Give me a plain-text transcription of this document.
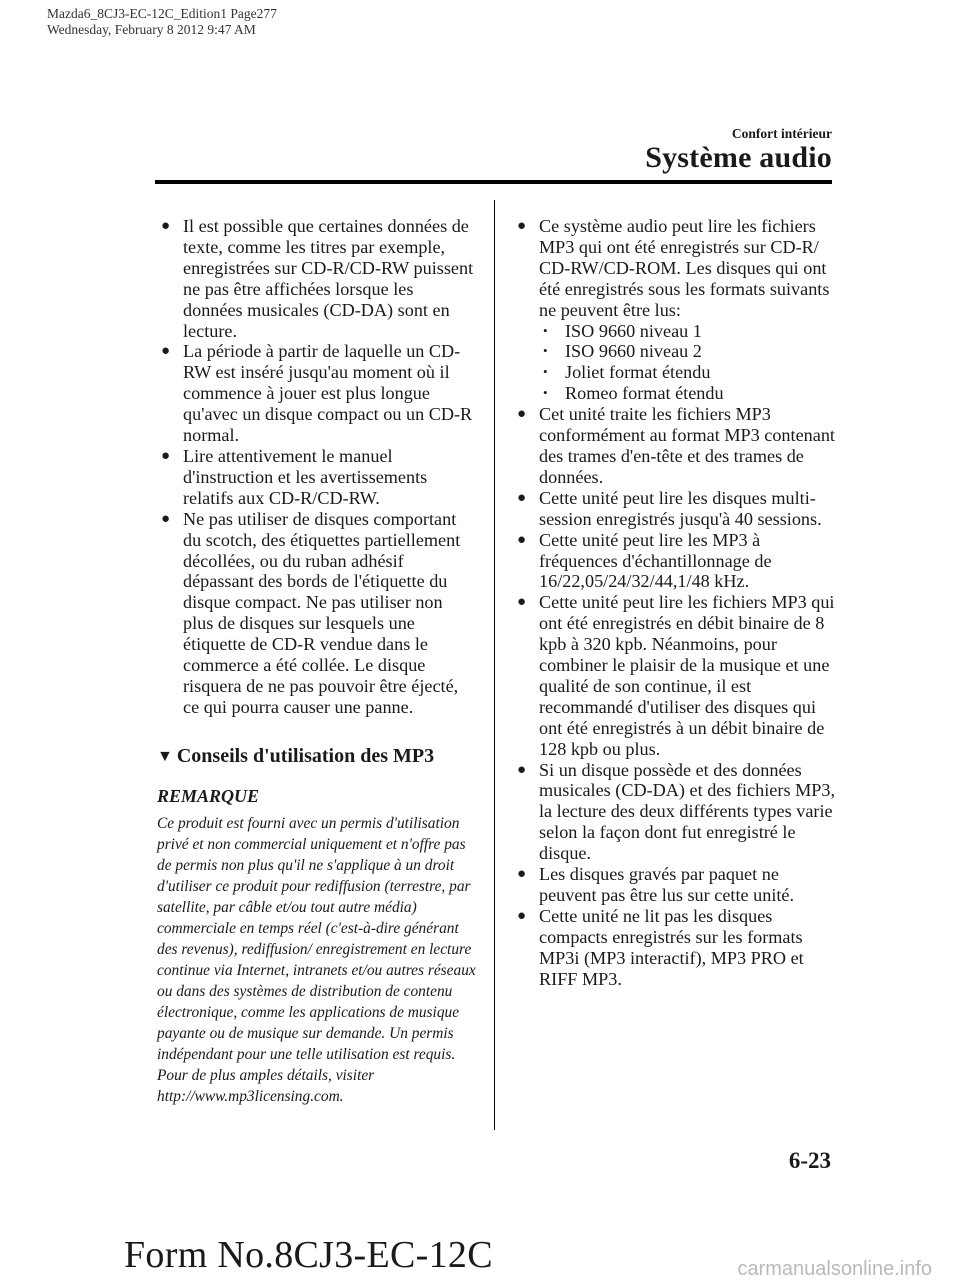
Mazda6_8CJ3-EC-12C_Edition1 Page277
Wednesday, February 8 2012 9:47 AM
Confort intérieur
Système audio
● Il est possible que certaines données de texte, comme les titres par exemple, enregistrées sur CD-R/CD-RW puissent ne pas être affichées lorsque les données musicales (CD-DA) sont en lecture.
● La période à partir de laquelle un CD-RW est inséré jusqu'au moment où il commence à jouer est plus longue qu'avec un disque compact ou un CD-R normal.
● Lire attentivement le manuel d'instruction et les avertissements relatifs aux CD-R/CD-RW.
● Ne pas utiliser de disques comportant du scotch, des étiquettes partiellement décollées, ou du ruban adhésif dépassant des bords de l'étiquette du disque compact. Ne pas utiliser non plus de disques sur lesquels une étiquette de CD-R vendue dans le commerce a été collée. Le disque risquera de ne pas pouvoir être éjecté, ce qui pourra causer une panne.
▼ Conseils d'utilisation des MP3
REMARQUE
Ce produit est fourni avec un permis d'utilisation privé et non commercial uniquement et n'offre pas de permis non plus qu'il ne s'applique à un droit d'utiliser ce produit pour rediffusion (terrestre, par satellite, par câble et/ou tout autre média) commerciale en temps réel (c'est-à-dire générant des revenus), rediffusion/ enregistrement en lecture continue via Internet, intranets et/ou autres réseaux ou dans des systèmes de distribution de contenu électronique, comme les applications de musique payante ou de musique sur demande. Un permis indépendant pour une telle utilisation est requis. Pour de plus amples détails, visiter http://www.mp3licensing.com.
● Ce système audio peut lire les fichiers MP3 qui ont été enregistrés sur CD-R/ CD-RW/CD-ROM. Les disques qui ont été enregistrés sous les formats suivants ne peuvent être lus:
• ISO 9660 niveau 1
• ISO 9660 niveau 2
• Joliet format étendu
• Romeo format étendu
● Cet unité traite les fichiers MP3 conformément au format MP3 contenant des trames d'en-tête et des trames de données.
● Cette unité peut lire les disques multi-session enregistrés jusqu'à 40 sessions.
● Cette unité peut lire les MP3 à fréquences d'échantillonnage de 16/22,05/24/32/44,1/48 kHz.
● Cette unité peut lire les fichiers MP3 qui ont été enregistrés en débit binaire de 8 kpb à 320 kpb. Néanmoins, pour combiner le plaisir de la musique et une qualité de son continue, il est recommandé d'utiliser des disques qui ont été enregistrés à un débit binaire de 128 kpb ou plus.
● Si un disque possède et des données musicales (CD-DA) et des fichiers MP3, la lecture des deux différents types varie selon la façon dont fut enregistré le disque.
● Les disques gravés par paquet ne peuvent pas être lus sur cette unité.
● Cette unité ne lit pas les disques compacts enregistrés sur les formats MP3i (MP3 interactif), MP3 PRO et RIFF MP3.
6-23
Form No.8CJ3-EC-12C	carmanualsonline.info
